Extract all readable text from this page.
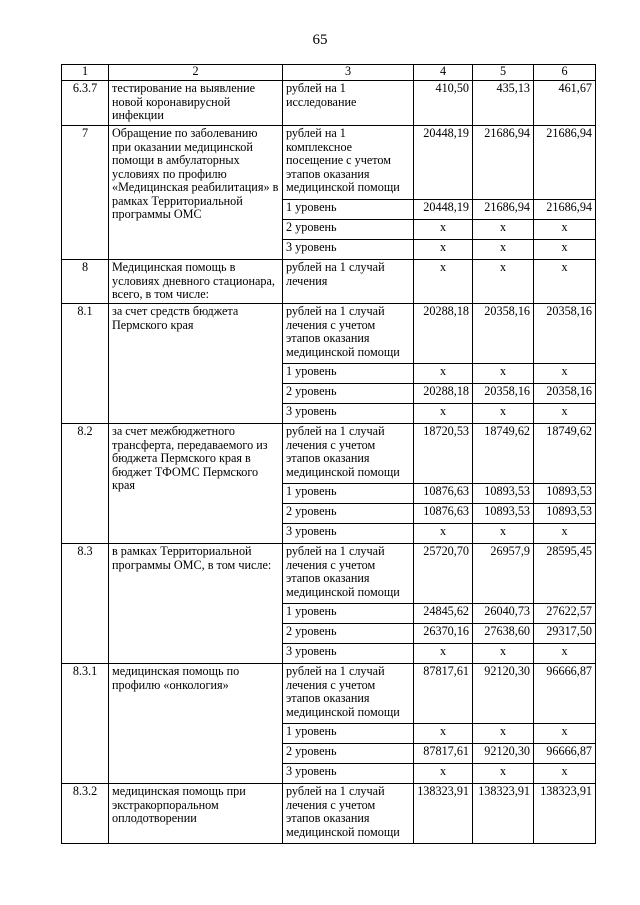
65
1	2	3	4	5	6
6.3.7	тестирование на выявление новой коронавирусной инфекции	рублей на 1 исследование	410,50	435,13	461,67
7	Обращение по заболеванию при оказании медицинской помощи в амбулаторных условиях по профилю «Медицинская реабилитация» в рамках Территориальной программы ОМС	рублей на 1 комплексное посещение с учетом этапов оказания медицинской помощи	20448,19	21686,94	21686,94
		1 уровень	20448,19	21686,94	21686,94
		2 уровень	x	x	x
		3 уровень	x	x	x
8	Медицинская помощь в условиях дневного стационара, всего, в том числе:	рублей на 1 случай лечения	x	x	x
8.1	за счет средств бюджета Пермского края	рублей на 1 случай лечения с учетом этапов оказания медицинской помощи	20288,18	20358,16	20358,16
		1 уровень	x	x	x
		2 уровень	20288,18	20358,16	20358,16
		3 уровень	x	x	x
8.2	за счет межбюджетного трансферта, передаваемого из бюджета Пермского края в бюджет ТФОМС Пермского края	рублей на 1 случай лечения с учетом этапов оказания медицинской помощи	18720,53	18749,62	18749,62
		1 уровень	10876,63	10893,53	10893,53
		2 уровень	10876,63	10893,53	10893,53
		3 уровень	x	x	x
8.3	в рамках Территориальной программы ОМС, в том числе:	рублей на 1 случай лечения с учетом этапов оказания медицинской помощи	25720,70	26957,9	28595,45
		1 уровень	24845,62	26040,73	27622,57
		2 уровень	26370,16	27638,60	29317,50
		3 уровень	x	x	x
8.3.1	медицинская помощь по профилю «онкология»	рублей на 1 случай лечения с учетом этапов оказания медицинской помощи	87817,61	92120,30	96666,87
		1 уровень	x	x	x
		2 уровень	87817,61	92120,30	96666,87
		3 уровень	x	x	x
8.3.2	медицинская помощь при экстракорпоральном оплодотворении	рублей на 1 случай лечения с учетом этапов оказания медицинской помощи	138323,91	138323,91	138323,91
